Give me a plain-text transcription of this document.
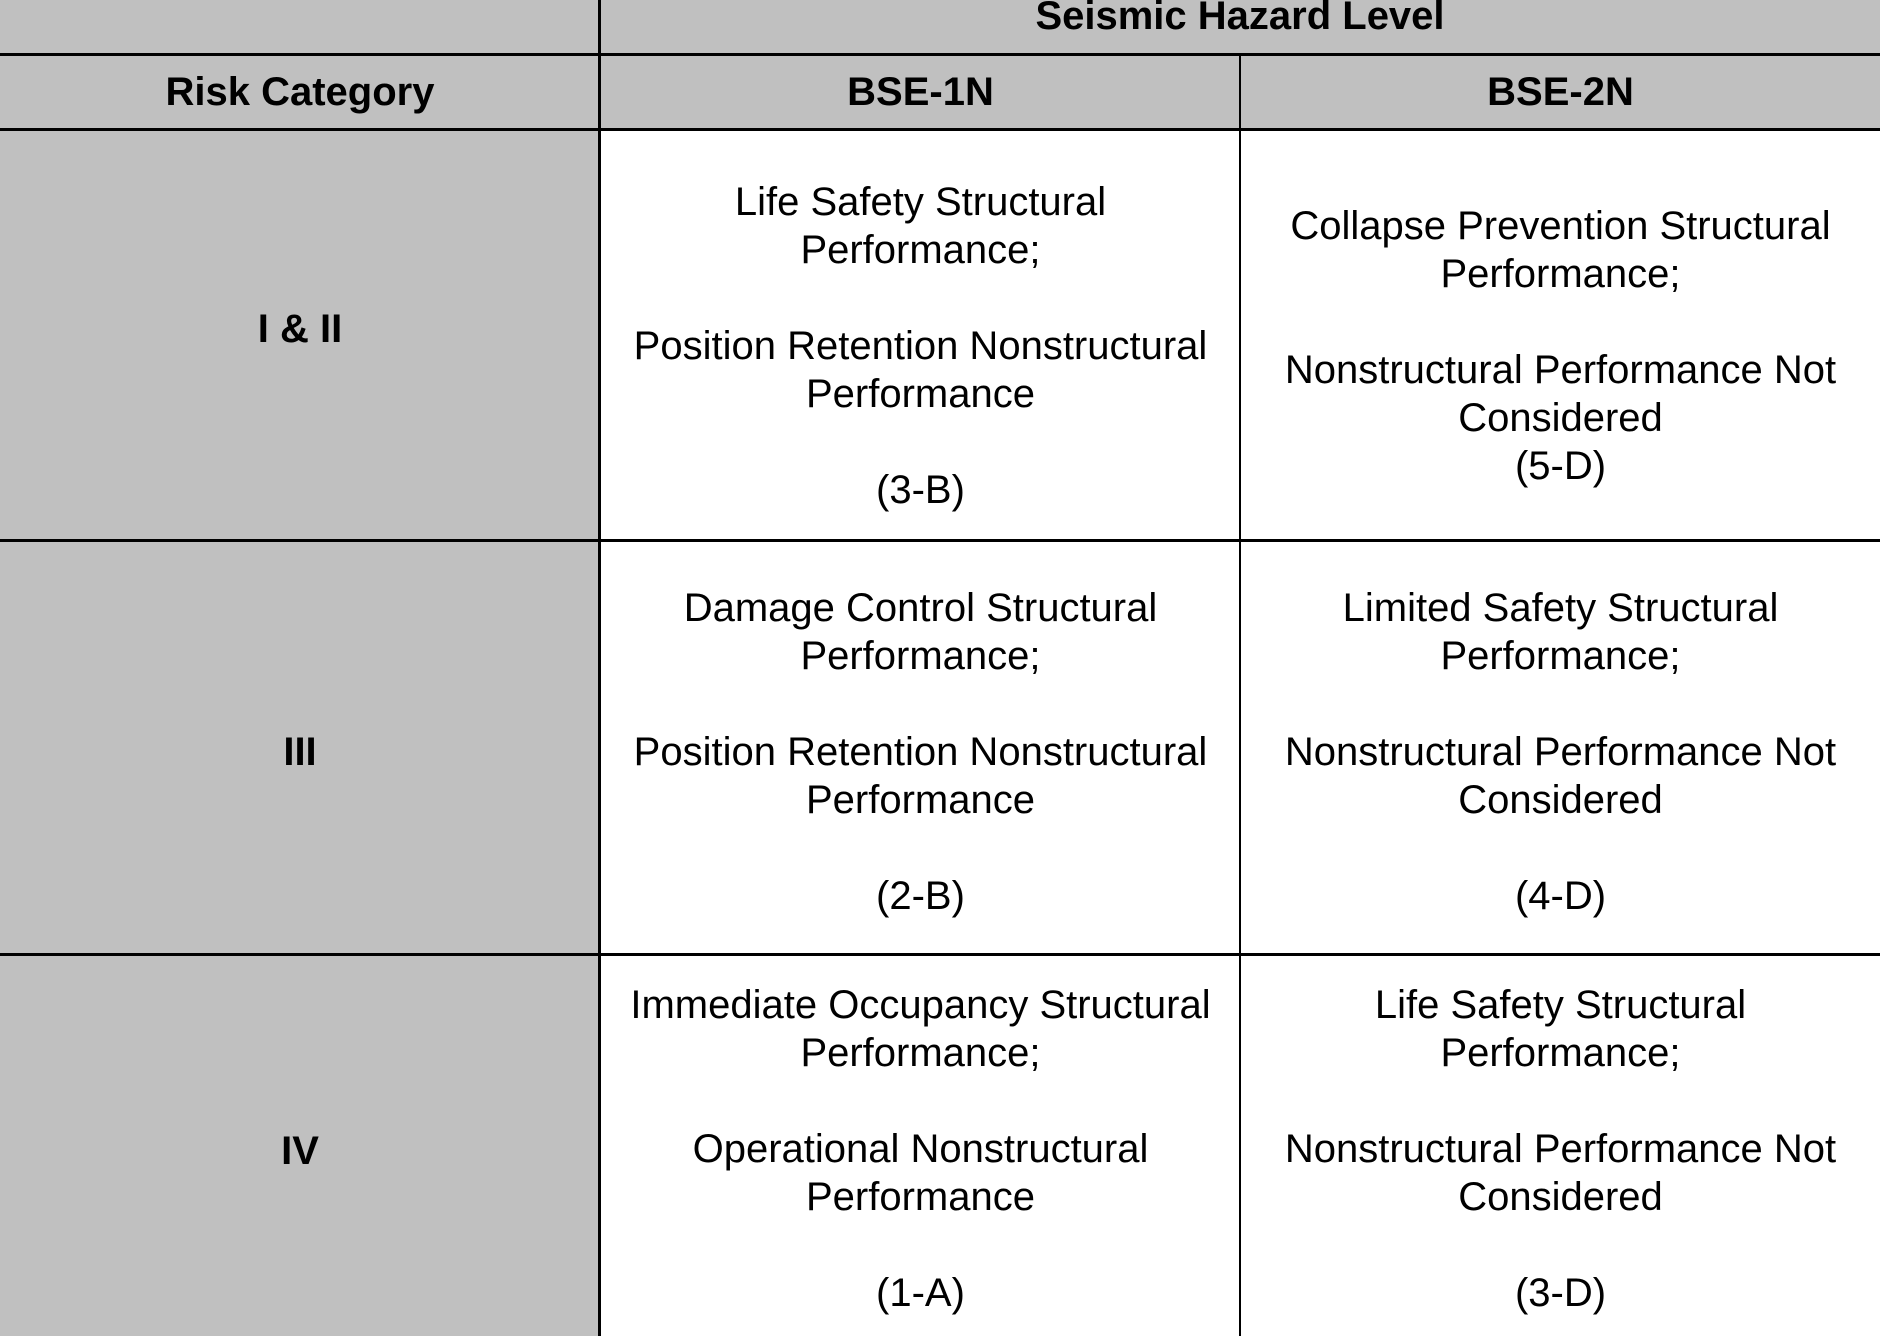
Seismic Hazard Level
Risk Category	BSE-1N	BSE-2N
I & II
Life Safety Structural
Performance;
Position Retention Nonstructural
Performance
(3-B)
Collapse Prevention Structural
Performance;
Nonstructural Performance Not
Considered
(5-D)
III
Damage Control Structural
Performance;
Position Retention Nonstructural
Performance
(2-B)
Limited Safety Structural
Performance;
Nonstructural Performance Not
Considered
(4-D)
IV
Immediate Occupancy Structural
Performance;
Operational Nonstructural
Performance
(1-A)
Life Safety Structural
Performance;
Nonstructural Performance Not
Considered
(3-D)
